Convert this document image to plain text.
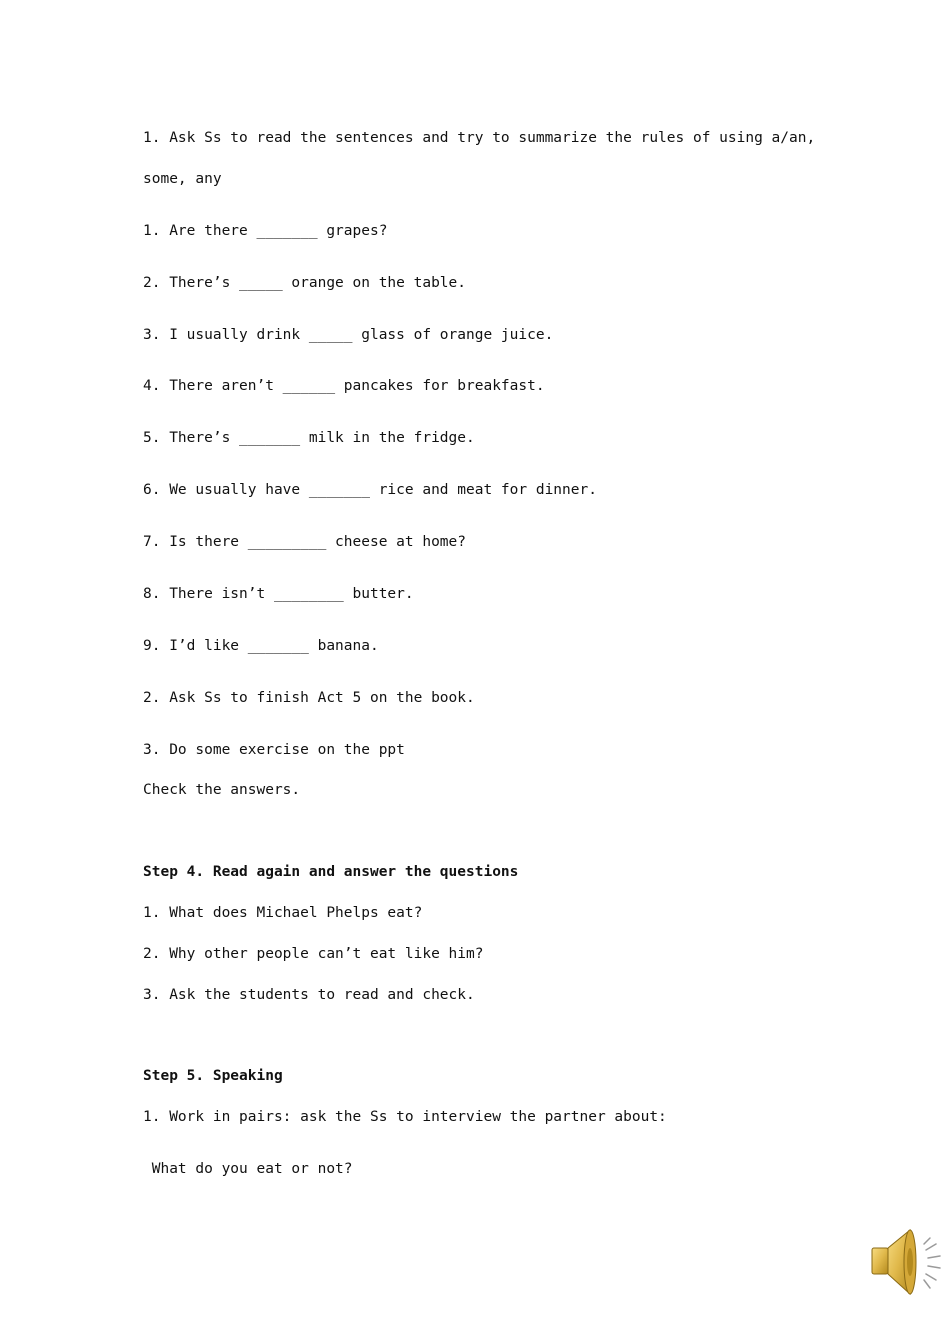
1. Ask Ss to read the sentences and try to summarize the rules of using a/an,
some, any
1. Are there _______ grapes?
2. There’s _____ orange on the table.
3. I usually drink _____ glass of orange juice.
4. There aren’t ______ pancakes for breakfast.
5. There’s _______ milk in the fridge.
6. We usually have _______ rice and meat for dinner.
7. Is there _________ cheese at home?
8. There isn’t ________ butter.
9. I’d like _______ banana.
2. Ask Ss to finish Act 5 on the book.
3. Do some exercise on the ppt
Check the answers.
Step 4. Read again and answer the questions
1. What does Michael Phelps eat?
2. Why other people can’t eat like him?
3. Ask the students to read and check.
Step 5. Speaking
1. Work in pairs: ask the Ss to interview the partner about:
What do you eat or not?
